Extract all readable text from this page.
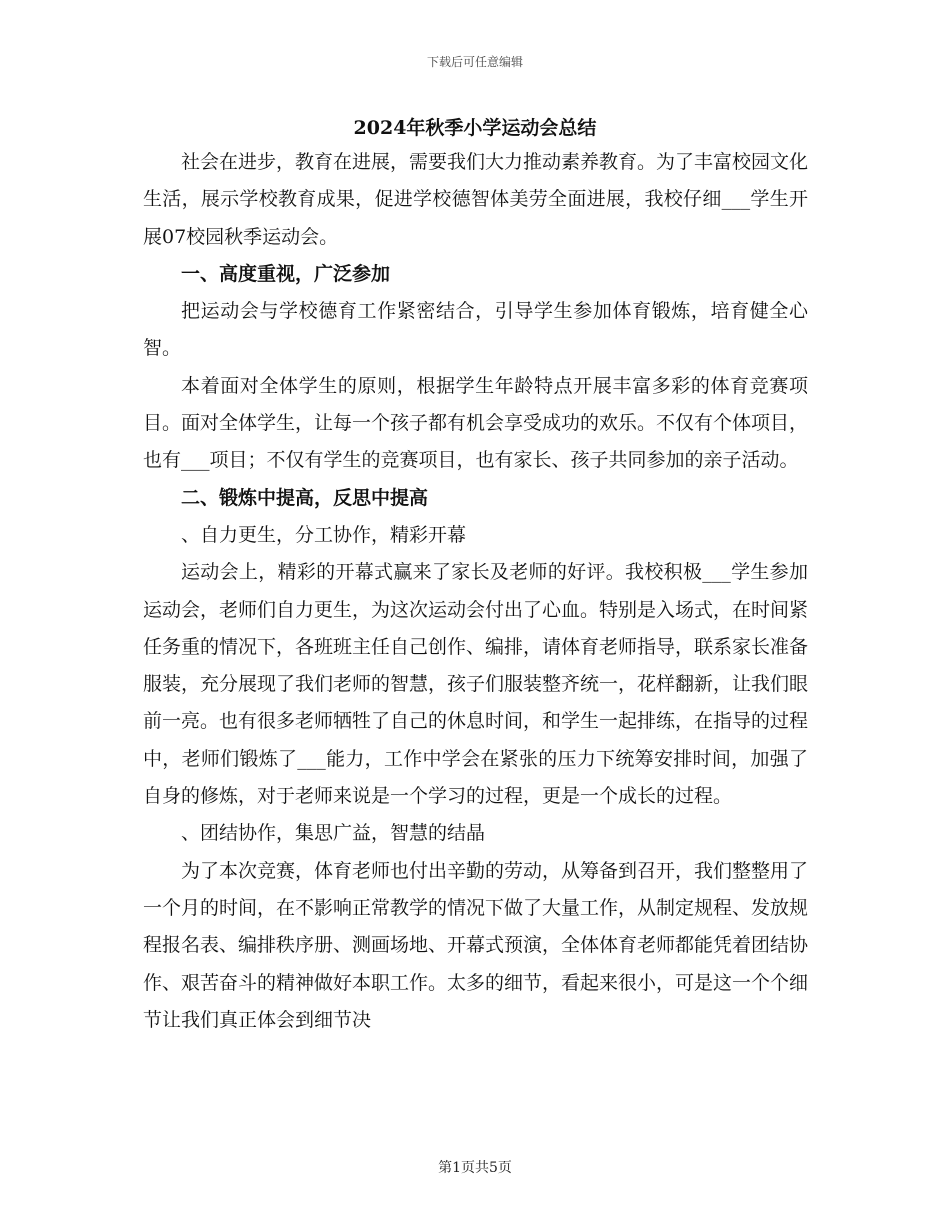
下载后可任意编辑
2024年秋季小学运动会总结

社会在进步，教育在进展，需要我们大力推动素养教育。为了丰富校园文化生活，展示学校教育成果，促进学校德智体美劳全面进展，我校仔细___学生开展07校园秋季运动会。

一、高度重视，广泛参加

把运动会与学校德育工作紧密结合，引导学生参加体育锻炼，培育健全心智。

本着面对全体学生的原则，根据学生年龄特点开展丰富多彩的体育竞赛项目。面对全体学生，让每一个孩子都有机会享受成功的欢乐。不仅有个体项目，也有___项目；不仅有学生的竞赛项目，也有家长、孩子共同参加的亲子活动。

二、锻炼中提高，反思中提高

、自力更生，分工协作，精彩开幕

运动会上，精彩的开幕式赢来了家长及老师的好评。我校积极___学生参加运动会，老师们自力更生，为这次运动会付出了心血。特别是入场式，在时间紧任务重的情况下，各班班主任自己创作、编排，请体育老师指导，联系家长准备服装，充分展现了我们老师的智慧，孩子们服装整齐统一，花样翻新，让我们眼前一亮。也有很多老师牺牲了自己的休息时间，和学生一起排练，在指导的过程中，老师们锻炼了___能力，工作中学会在紧张的压力下统筹安排时间，加强了自身的修炼，对于老师来说是一个学习的过程，更是一个成长的过程。

、团结协作，集思广益，智慧的结晶

为了本次竞赛，体育老师也付出辛勤的劳动，从筹备到召开，我们整整用了一个月的时间，在不影响正常教学的情况下做了大量工作，从制定规程、发放规程报名表、编排秩序册、测画场地、开幕式预演，全体体育老师都能凭着团结协作、艰苦奋斗的精神做好本职工作。太多的细节，看起来很小，可是这一个个细节让我们真正体会到细节决

第1页共5页
